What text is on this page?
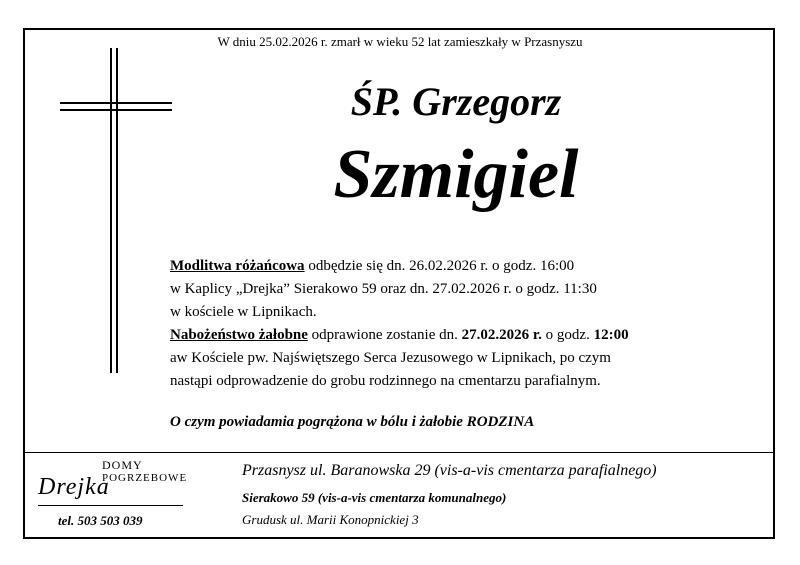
W dniu 25.02.2026 r. zmarł w wieku 52 lat zamieszkały w Przasnyszu
ŚP. Grzegorz
Szmigiel
Modlitwa różańcowa odbędzie się dn. 26.02.2026 r. o godz. 16:00
w Kaplicy „Drejka” Sierakowo 59 oraz dn. 27.02.2026 r. o godz. 11:30
w kościele w Lipnikach.
Nabożeństwo żałobne odprawione zostanie dn. 27.02.2026 r. o godz. 12:00
aw Kościele pw. Najświętszego Serca Jezusowego w Lipnikach, po czym
nastąpi odprowadzenie do grobu rodzinnego na cmentarzu parafialnym.
O czym powiadamia pogrążona w bólu i żałobie RODZINA
DOMY
POGRZEBOWE
Drejka
tel. 503 503 039
Przasnysz ul. Baranowska 29 (vis-a-vis cmentarza parafialnego)
Sierakowo 59 (vis-a-vis cmentarza komunalnego)
Grudusk ul. Marii Konopnickiej 3
